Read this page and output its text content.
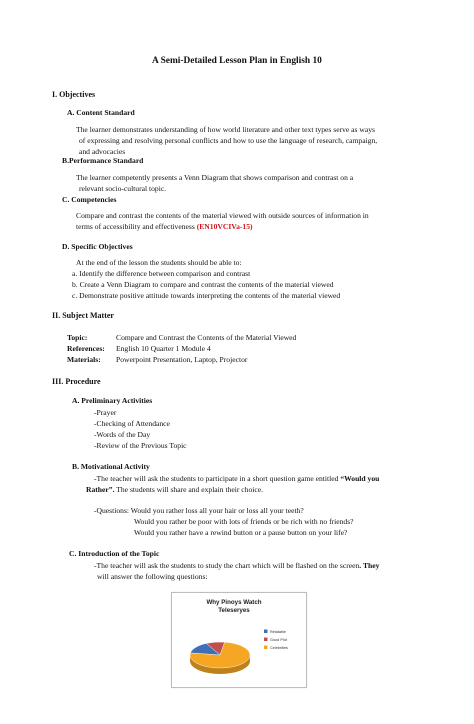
A Semi-Detailed Lesson Plan in English 10
I. Objectives
A. Content Standard
The learner demonstrates understanding of how world literature and other text types serve as ways
of expressing and resolving personal conflicts and how to use the language of research, campaign,
and advocacies
B.Performance Standard
The learner competently presents a Venn Diagram that shows comparison and contrast on a
relevant socio-cultural topic.
C. Competencies
Compare and contrast the contents of the material viewed with outside sources of information in
terms of accessibility and effectiveness (EN10VCIVa-15)
D. Specific Objectives
At the end of the lesson the students should be able to:
a. Identify the difference between comparison and contrast
b. Create a Venn Diagram to compare and contrast the contents of the material viewed
c. Demonstrate positive attitude towards interpreting the contents of the material viewed
II. Subject Matter
Topic:	Compare and Contrast the Contents of the Material Viewed
References: English 10 Quarter 1 Module 4
Materials: Powerpoint Presentation, Laptop, Projector
III. Procedure
A. Preliminary Activities
-Prayer
-Checking of Attendance
-Words of the Day
-Review of the Previous Topic
B. Motivational Activity
-The teacher will ask the students to participate in a short question game entitled “Would you
Rather”. The students will share and explain their choice.
-Questions: Would you rather loss all your hair or loss all your teeth?
Would you rather be poor with lots of friends or be rich with no friends?
Would you rather have a rewind button or a pause button on your life?
C. Introduction of the Topic
-The teacher will ask the students to study the chart which will be flashed on the screen. They
will answer the following questions:
Why Pinoys Watch
Teleseryes
Relatable
Good Plot
Celebrities
